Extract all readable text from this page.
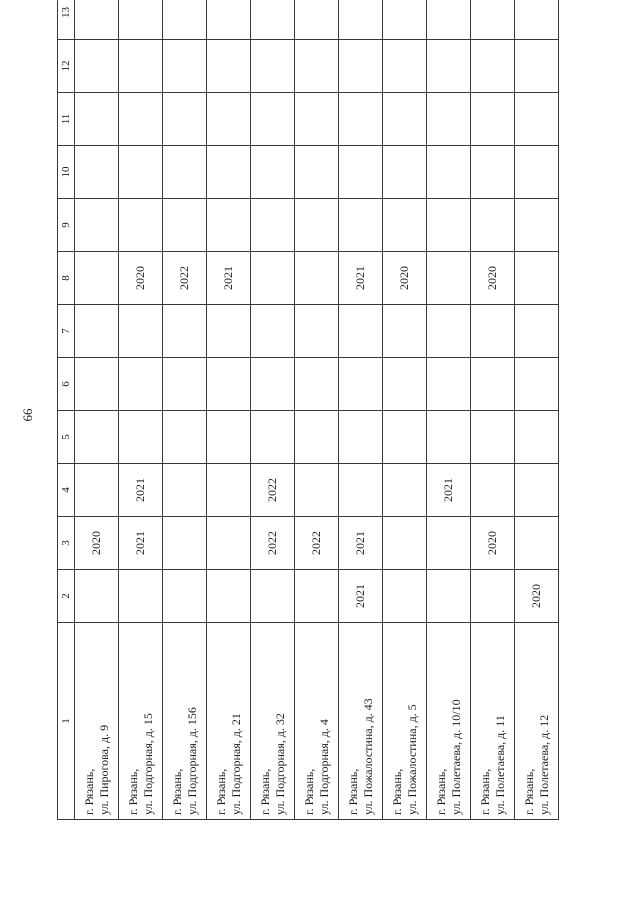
66
1	2	3	4	5	6	7	8	9	10	11	12	13

г. Рязань, ул. Пирогова, д. 9		2020										

г. Рязань, ул. Подгорная, д. 15		2021	2021				2020					

г. Рязань, ул. Подгорная, д. 156							2022					

г. Рязань, ул. Подгорная, д. 21							2021					

г. Рязань, ул. Подгорная, д. 32		2022	2022									

г. Рязань, ул. Подгорная, д. 4		2022										

г. Рязань, ул. Пожалостина, д. 43	2021	2021					2021					

г. Рязань, ул. Пожалостина, д. 5							2020					

г. Рязань, ул. Полетаева, д. 10/10			2021									

г. Рязань, ул. Полетаева, д. 11		2020					2020					

г. Рязань, ул. Полетаева, д. 12	2020											
